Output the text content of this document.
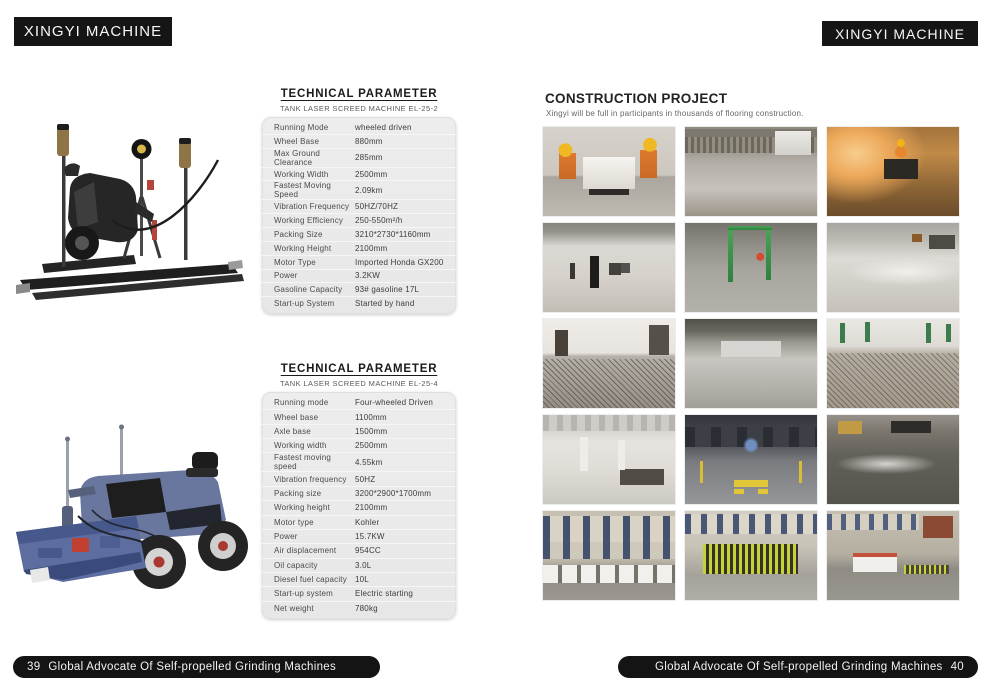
XINGYI MACHINE	XINGYI MACHINE
TECHNICAL PARAMETER
TANK LASER SCREED MACHINE EL-25-2
Running Mode	wheeled driven
Wheel Base	880mm
Max Ground Clearance	285mm
Working Width	2500mm
Fastest Moving Speed	2.09km
Vibration Frequency 50HZ/70HZ
Working Efficiency	250-550m²/h
Packing Size	3210*2730*1160mm
Working Height	2100mm
Motor Type	Imported Honda GX200
Power	3.2KW
Gasoline Capacity	93# gasoline 17L
Start-up System	Started by hand
TECHNICAL PARAMETER
TANK LASER SCREED MACHINE EL-25-4
Running mode	Four-wheeled Driven
Wheel base	1100mm
Axle base	1500mm
Working width	2500mm
Fastest moving speed	4.55km
Vibration frequency	50HZ
Packing size	3200*2900*1700mm
Working height	2100mm
Motor type	Kohler
Power	15.7KW
Air displacement	954CC
Oil capacity	3.0L
Diesel fuel capacity	10L
Start-up system	Electric starting
Net weight	780kg
CONSTRUCTION PROJECT
Xingyi will be full in participants in thousands of flooring construction.
39 Global Advocate Of Self-propelled Grinding Machines	Global Advocate Of Self-propelled Grinding Machines 40
